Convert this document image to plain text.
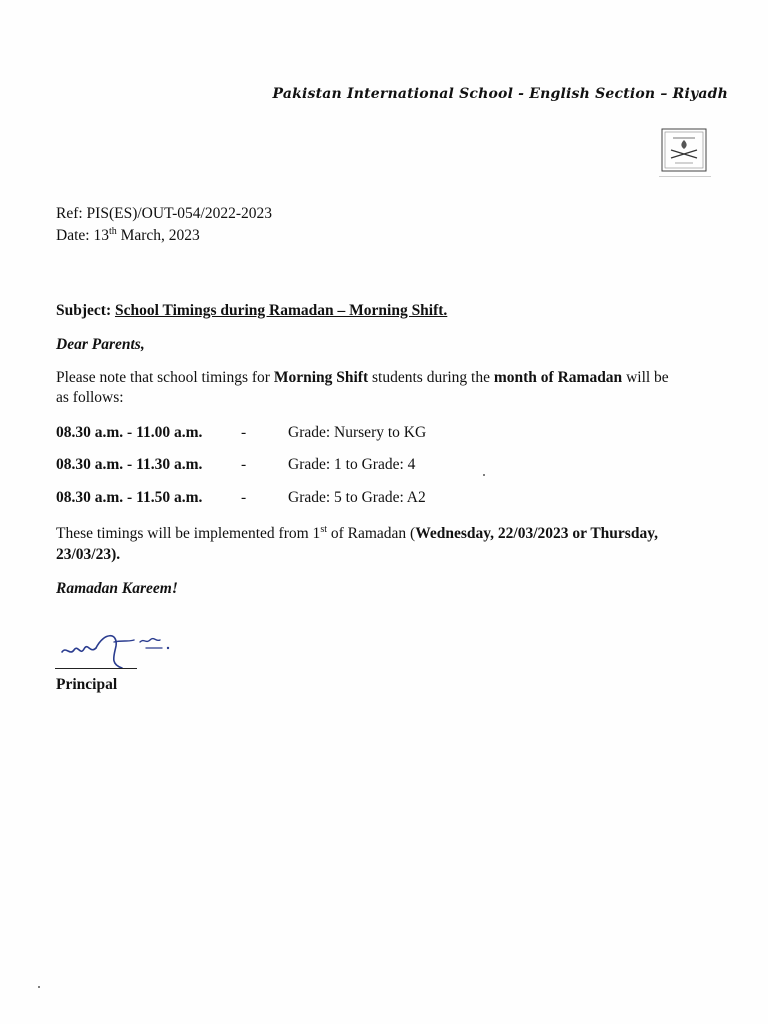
Pakistan International School - English Section – Riyadh
Ref: PIS(ES)/OUT-054/2022-2023
Date: 13th March, 2023
Subject: School Timings during Ramadan – Morning Shift.
Dear Parents,
Please note that school timings for Morning Shift students during the month of Ramadan will be
as follows:
08.30 a.m. - 11.00 a.m. -	Grade: Nursery to KG
08.30 a.m. - 11.30 a.m. -	Grade: 1 to Grade: 4
08.30 a.m. - 11.50 a.m. -	Grade: 5 to Grade: A2
These timings will be implemented from 1st of Ramadan (Wednesday, 22/03/2023 or Thursday,
23/03/23).
Ramadan Kareem!
Principal
